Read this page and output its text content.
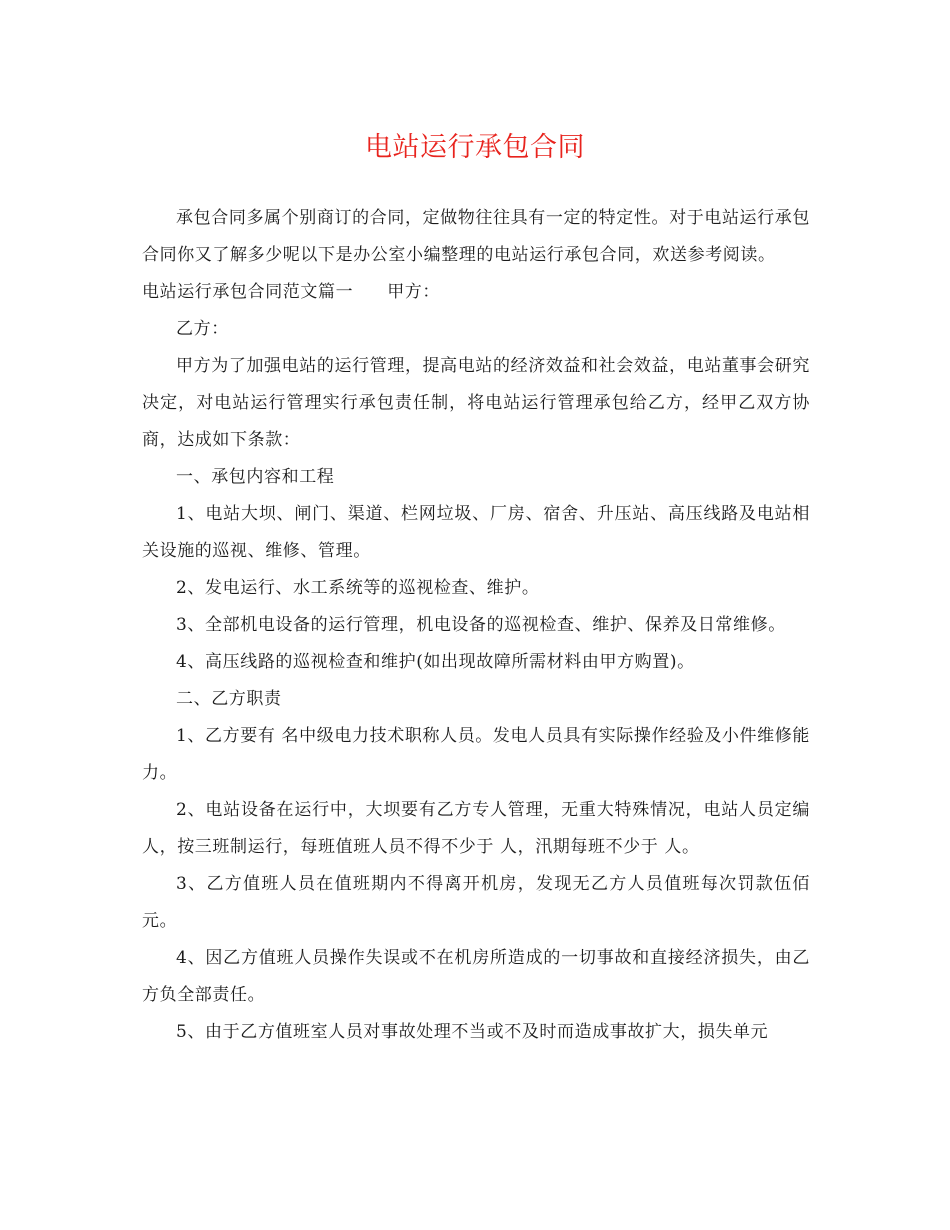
电站运行承包合同

承包合同多属个别商订的合同，定做物往往具有一定的特定性。对于电站运行承包合同你又了解多少呢以下是办公室小编整理的电站运行承包合同，欢送参考阅读。

电站运行承包合同范文篇一 甲方：

乙方：

甲方为了加强电站的运行管理，提高电站的经济效益和社会效益，电站董事会研究决定，对电站运行管理实行承包责任制，将电站运行管理承包给乙方，经甲乙双方协商，达成如下条款：

一、承包内容和工程

1、电站大坝、闸门、渠道、栏网垃圾、厂房、宿舍、升压站、高压线路及电站相关设施的巡视、维修、管理。

2、发电运行、水工系统等的巡视检查、维护。

3、全部机电设备的运行管理，机电设备的巡视检查、维护、保养及日常维修。

4、高压线路的巡视检查和维护(如出现故障所需材料由甲方购置)。

二、乙方职责

1、乙方要有 名中级电力技术职称人员。发电人员具有实际操作经验及小件维修能力。

2、电站设备在运行中，大坝要有乙方专人管理，无重大特殊情况，电站人员定编 人，按三班制运行，每班值班人员不得不少于 人，汛期每班不少于 人。

3、乙方值班人员在值班期内不得离开机房，发现无乙方人员值班每次罚款伍佰元。

4、因乙方值班人员操作失误或不在机房所造成的一切事故和直接经济损失，由乙方负全部责任。

5、由于乙方值班室人员对事故处理不当或不及时而造成事故扩大，损失单元
